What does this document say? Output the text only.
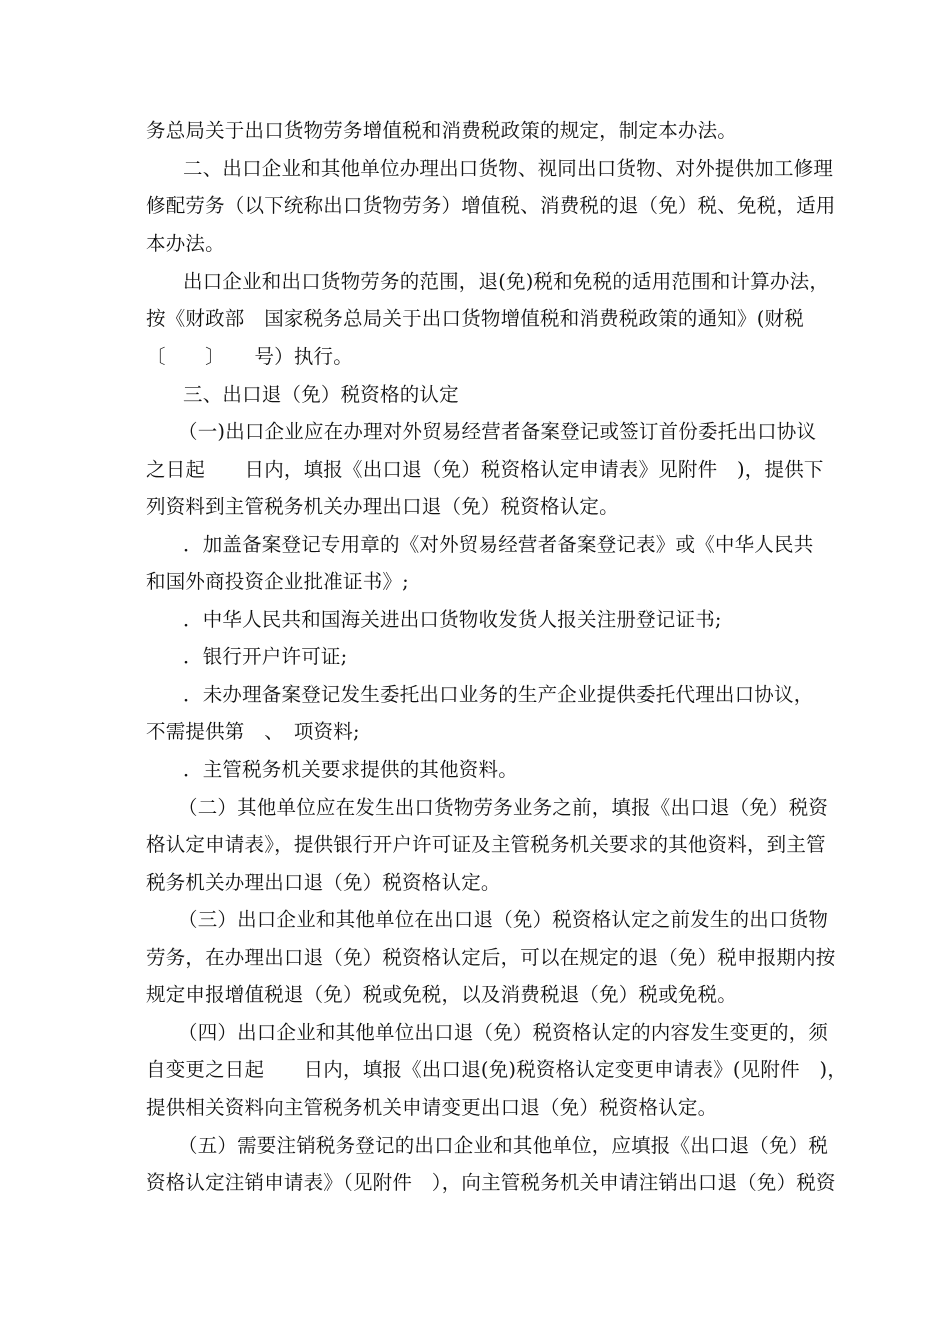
务总局关于出口货物劳务增值税和消费税政策的规定，制定本办法。
二、出口企业和其他单位办理出口货物、视同出口货物、对外提供加工修理
修配劳务（以下统称出口货物劳务）增值税、消费税的退（免）税、免税，适用
本办法。
出口企业和出口货物劳务的范围，退(免)税和免税的适用范围和计算办法，
按《财政部　国家税务总局关于出口货物增值税和消费税政策的通知》(财税
〔　　〕　　号）执行。
三、出口退（免）税资格的认定
（一)出口企业应在办理对外贸易经营者备案登记或签订首份委托出口协议
之日起　　日内，填报《出口退（免）税资格认定申请表》见附件　)，提供下
列资料到主管税务机关办理出口退（免）税资格认定。
．加盖备案登记专用章的《对外贸易经营者备案登记表》或《中华人民共
和国外商投资企业批准证书》;
．中华人民共和国海关进出口货物收发货人报关注册登记证书;
．银行开户许可证;
．未办理备案登记发生委托出口业务的生产企业提供委托代理出口协议，
不需提供第　、　项资料;
．主管税务机关要求提供的其他资料。
（二）其他单位应在发生出口货物劳务业务之前，填报《出口退（免）税资
格认定申请表》，提供银行开户许可证及主管税务机关要求的其他资料，到主管
税务机关办理出口退（免）税资格认定。
（三）出口企业和其他单位在出口退（免）税资格认定之前发生的出口货物
劳务，在办理出口退（免）税资格认定后，可以在规定的退（免）税申报期内按
规定申报增值税退（免）税或免税，以及消费税退（免）税或免税。
（四）出口企业和其他单位出口退（免）税资格认定的内容发生变更的，须
自变更之日起　　日内，填报《出口退(免)税资格认定变更申请表》(见附件　)，
提供相关资料向主管税务机关申请变更出口退（免）税资格认定。
（五）需要注销税务登记的出口企业和其他单位，应填报《出口退（免）税
资格认定注销申请表》（见附件　），向主管税务机关申请注销出口退（免）税资
